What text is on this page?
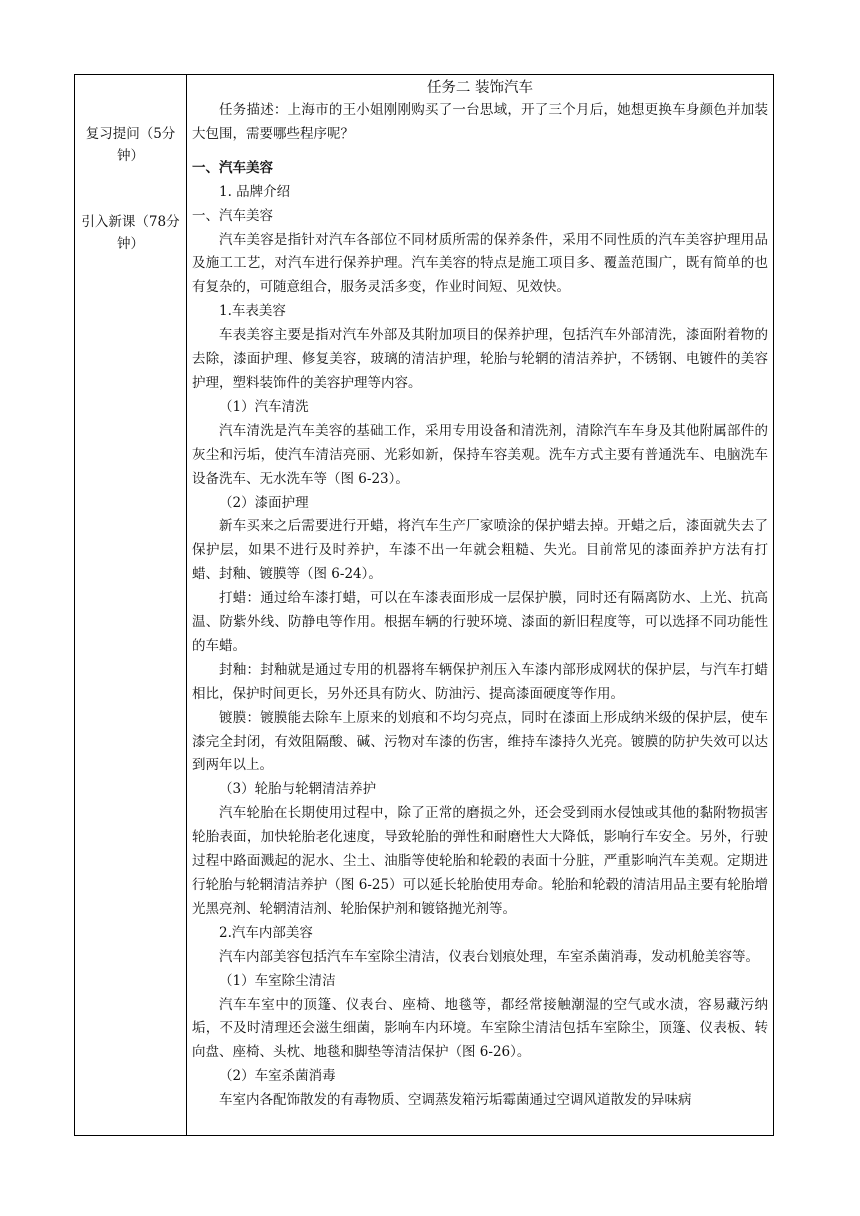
复习提问（5分钟）
引入新课（78分钟）
任务二 装饰汽车

任务描述：上海市的王小姐刚刚购买了一台思域，开了三个月后，她想更换车身颜色并加装大包围，需要哪些程序呢？

一、汽车美容

1. 品牌介绍

一、汽车美容

汽车美容是指针对汽车各部位不同材质所需的保养条件，采用不同性质的汽车美容护理用品及施工工艺，对汽车进行保养护理。汽车美容的特点是施工项目多、覆盖范围广，既有简单的也有复杂的，可随意组合，服务灵活多变，作业时间短、见效快。

1.车表美容

车表美容主要是指对汽车外部及其附加项目的保养护理，包括汽车外部清洗，漆面附着物的去除，漆面护理、修复美容，玻璃的清洁护理，轮胎与轮辋的清洁养护，不锈钢、电镀件的美容护理，塑料装饰件的美容护理等内容。

（1）汽车清洗

汽车清洗是汽车美容的基础工作，采用专用设备和清洗剂，清除汽车车身及其他附属部件的灰尘和污垢，使汽车清洁亮丽、光彩如新，保持车容美观。洗车方式主要有普通洗车、电脑洗车设备洗车、无水洗车等（图 6-23）。

（2）漆面护理

新车买来之后需要进行开蜡，将汽车生产厂家喷涂的保护蜡去掉。开蜡之后，漆面就失去了保护层，如果不进行及时养护，车漆不出一年就会粗糙、失光。目前常见的漆面养护方法有打蜡、封釉、镀膜等（图 6-24）。

打蜡：通过给车漆打蜡，可以在车漆表面形成一层保护膜，同时还有隔离防水、上光、抗高温、防紫外线、防静电等作用。根据车辆的行驶环境、漆面的新旧程度等，可以选择不同功能性的车蜡。

封釉：封釉就是通过专用的机器将车辆保护剂压入车漆内部形成网状的保护层，与汽车打蜡相比，保护时间更长，另外还具有防火、防油污、提高漆面硬度等作用。

镀膜：镀膜能去除车上原来的划痕和不均匀亮点，同时在漆面上形成纳米级的保护层，使车漆完全封闭，有效阻隔酸、碱、污物对车漆的伤害，维持车漆持久光亮。镀膜的防护失效可以达到两年以上。

（3）轮胎与轮辋清洁养护

汽车轮胎在长期使用过程中，除了正常的磨损之外，还会受到雨水侵蚀或其他的黏附物损害轮胎表面，加快轮胎老化速度，导致轮胎的弹性和耐磨性大大降低，影响行车安全。另外，行驶过程中路面溅起的泥水、尘土、油脂等使轮胎和轮毂的表面十分脏，严重影响汽车美观。定期进行轮胎与轮辋清洁养护（图 6-25）可以延长轮胎使用寿命。轮胎和轮毂的清洁用品主要有轮胎增光黑亮剂、轮辋清洁剂、轮胎保护剂和镀铬抛光剂等。

2.汽车内部美容

汽车内部美容包括汽车车室除尘清洁，仪表台划痕处理，车室杀菌消毒，发动机舱美容等。

（1）车室除尘清洁

汽车车室中的顶篷、仪表台、座椅、地毯等，都经常接触潮湿的空气或水渍，容易藏污纳垢，不及时清理还会滋生细菌，影响车内环境。车室除尘清洁包括车室除尘，顶篷、仪表板、转向盘、座椅、头枕、地毯和脚垫等清洁保护（图 6-26）。

（2）车室杀菌消毒

车室内各配饰散发的有毒物质、空调蒸发箱污垢霉菌通过空调风道散发的异味病
